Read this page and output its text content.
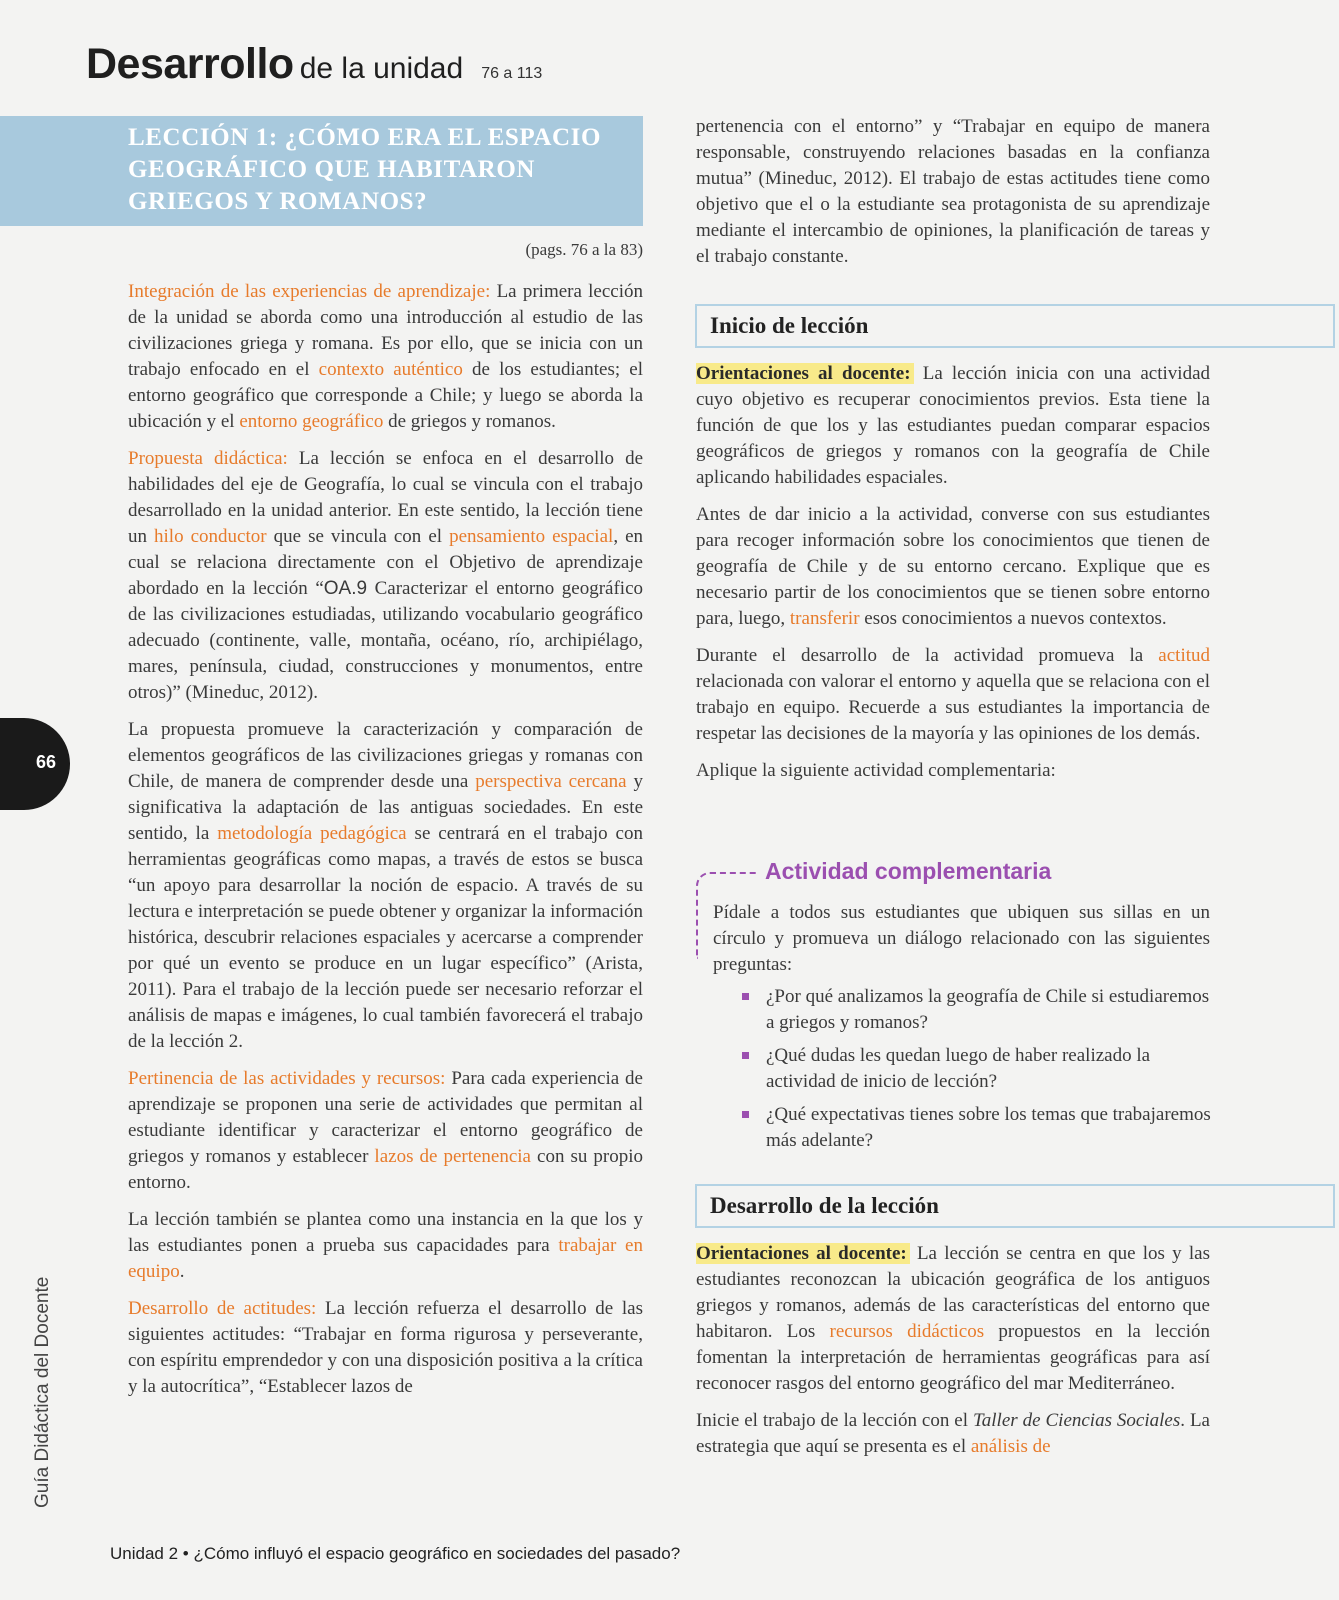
Desarrollo de la unidad 76 a 113
LECCIÓN 1: ¿CÓMO ERA EL ESPACIO GEOGRÁFICO QUE HABITARON GRIEGOS Y ROMANOS?
(pags. 76 a la 83)

Integración de las experiencias de aprendizaje: La primera lección de la unidad se aborda como una introducción al estudio de las civilizaciones griega y romana. Es por ello, que se inicia con un trabajo enfocado en el contexto auténtico de los estudiantes; el entorno geográfico que corresponde a Chile; y luego se aborda la ubicación y el entorno geográfico de griegos y romanos.

Propuesta didáctica: La lección se enfoca en el desarrollo de habilidades del eje de Geografía, lo cual se vincula con el trabajo desarrollado en la unidad anterior. En este sentido, la lección tiene un hilo conductor que se vincula con el pensamiento espacial, en cual se relaciona directamente con el Objetivo de aprendizaje abordado en la lección “OA.9 Caracterizar el entorno geográfico de las civilizaciones estudiadas, utilizando vocabulario geográfico adecuado (continente, valle, montaña, océano, río, archipiélago, mares, península, ciudad, construcciones y monumentos, entre otros)” (Mineduc, 2012).

La propuesta promueve la caracterización y comparación de elementos geográficos de las civilizaciones griegas y romanas con Chile, de manera de comprender desde una perspectiva cercana y significativa la adaptación de las antiguas sociedades. En este sentido, la metodología pedagógica se centrará en el trabajo con herramientas geográficas como mapas, a través de estos se busca “un apoyo para desarrollar la noción de espacio. A través de su lectura e interpretación se puede obtener y organizar la información histórica, descubrir relaciones espaciales y acercarse a comprender por qué un evento se produce en un lugar específico” (Arista, 2011). Para el trabajo de la lección puede ser necesario reforzar el análisis de mapas e imágenes, lo cual también favorecerá el trabajo de la lección 2.

Pertinencia de las actividades y recursos: Para cada experiencia de aprendizaje se proponen una serie de actividades que permitan al estudiante identificar y caracterizar el entorno geográfico de griegos y romanos y establecer lazos de pertenencia con su propio entorno.

La lección también se plantea como una instancia en la que los y las estudiantes ponen a prueba sus capacidades para trabajar en equipo.

Desarrollo de actitudes: La lección refuerza el desarrollo de las siguientes actitudes: “Trabajar en forma rigurosa y perseverante, con espíritu emprendedor y con una disposición positiva a la crítica y la autocrítica”, “Establecer lazos de

pertenencia con el entorno” y “Trabajar en equipo de manera responsable, construyendo relaciones basadas en la confianza mutua” (Mineduc, 2012). El trabajo de estas actitudes tiene como objetivo que el o la estudiante sea protagonista de su aprendizaje mediante el intercambio de opiniones, la planificación de tareas y el trabajo constante.

Inicio de lección

Orientaciones al docente: La lección inicia con una actividad cuyo objetivo es recuperar conocimientos previos. Esta tiene la función de que los y las estudiantes puedan comparar espacios geográficos de griegos y romanos con la geografía de Chile aplicando habilidades espaciales.

Antes de dar inicio a la actividad, converse con sus estudiantes para recoger información sobre los conocimientos que tienen de geografía de Chile y de su entorno cercano. Explique que es necesario partir de los conocimientos que se tienen sobre entorno para, luego, transferir esos conocimientos a nuevos contextos.

Durante el desarrollo de la actividad promueva la actitud relacionada con valorar el entorno y aquella que se relaciona con el trabajo en equipo. Recuerde a sus estudiantes la importancia de respetar las decisiones de la mayoría y las opiniones de los demás.

Aplique la siguiente actividad complementaria:

Actividad complementaria
Pídale a todos sus estudiantes que ubiquen sus sillas en un círculo y promueva un diálogo relacionado con las siguientes preguntas:
¿Por qué analizamos la geografía de Chile si estudiaremos a griegos y romanos?
¿Qué dudas les quedan luego de haber realizado la actividad de inicio de lección?
¿Qué expectativas tienes sobre los temas que trabajaremos más adelante?
Desarrollo de la lección

Orientaciones al docente: La lección se centra en que los y las estudiantes reconozcan la ubicación geográfica de los antiguos griegos y romanos, además de las características del entorno que habitaron. Los recursos didácticos propuestos en la lección fomentan la interpretación de herramientas geográficas para así reconocer rasgos del entorno geográfico del mar Mediterráneo.

Inicie el trabajo de la lección con el Taller de Ciencias Sociales. La estrategia que aquí se presenta es el análisis de

66
Guía Didáctica del Docente
Unidad 2 • ¿Cómo influyó el espacio geográfico en sociedades del pasado?
